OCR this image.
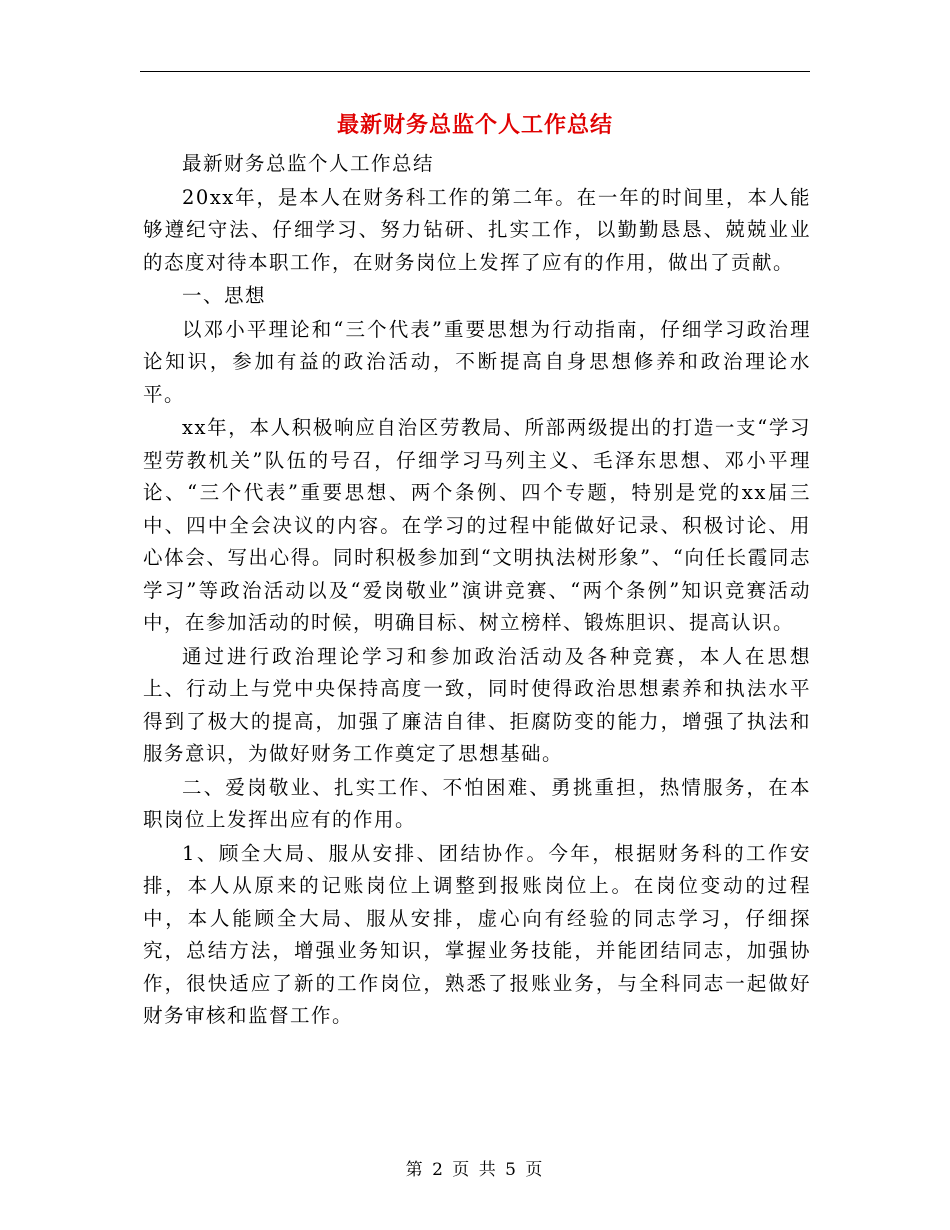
最新财务总监个人工作总结

最新财务总监个人工作总结

20xx年，是本人在财务科工作的第二年。在一年的时间里，本人能够遵纪守法、仔细学习、努力钻研、扎实工作，以勤勤恳恳、兢兢业业的态度对待本职工作，在财务岗位上发挥了应有的作用，做出了贡献。

一、思想

以邓小平理论和“三个代表”重要思想为行动指南，仔细学习政治理论知识，参加有益的政治活动，不断提高自身思想修养和政治理论水平。

xx年，本人积极响应自治区劳教局、所部两级提出的打造一支“学习型劳教机关”队伍的号召，仔细学习马列主义、毛泽东思想、邓小平理论、“三个代表”重要思想、两个条例、四个专题，特别是党的xx届三中、四中全会决议的内容。在学习的过程中能做好记录、积极讨论、用心体会、写出心得。同时积极参加到“文明执法树形象”、“向任长霞同志学习”等政治活动以及“爱岗敬业”演讲竞赛、“两个条例”知识竞赛活动中，在参加活动的时候，明确目标、树立榜样、锻炼胆识、提高认识。

通过进行政治理论学习和参加政治活动及各种竞赛，本人在思想上、行动上与党中央保持高度一致，同时使得政治思想素养和执法水平得到了极大的提高，加强了廉洁自律、拒腐防变的能力，增强了执法和服务意识，为做好财务工作奠定了思想基础。

二、爱岗敬业、扎实工作、不怕困难、勇挑重担，热情服务，在本职岗位上发挥出应有的作用。

1、顾全大局、服从安排、团结协作。今年，根据财务科的工作安排，本人从原来的记账岗位上调整到报账岗位上。在岗位变动的过程中，本人能顾全大局、服从安排，虚心向有经验的同志学习，仔细探究，总结方法，增强业务知识，掌握业务技能，并能团结同志，加强协作，很快适应了新的工作岗位，熟悉了报账业务，与全科同志一起做好财务审核和监督工作。

第 2 页 共 5 页
